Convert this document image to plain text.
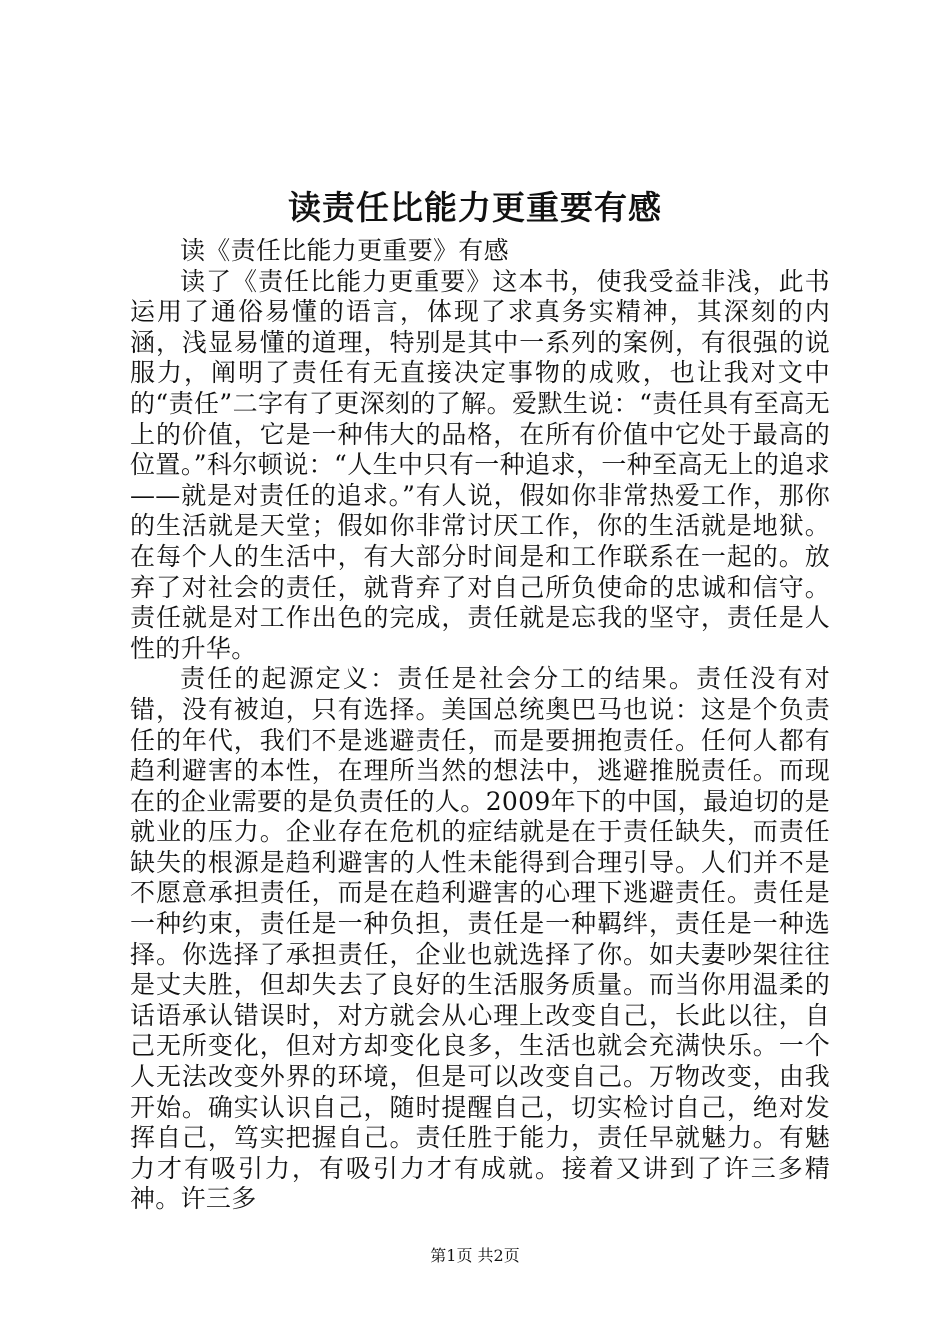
读责任比能力更重要有感

读《责任比能力更重要》有感

读了《责任比能力更重要》这本书，使我受益非浅，此书运用了通俗易懂的语言，体现了求真务实精神，其深刻的内涵，浅显易懂的道理，特别是其中一系列的案例，有很强的说服力，阐明了责任有无直接决定事物的成败，也让我对文中的“责任”二字有了更深刻的了解。爱默生说：“责任具有至高无上的价值，它是一种伟大的品格，在所有价值中它处于最高的位置。”科尔顿说：“人生中只有一种追求，一种至高无上的追求——就是对责任的追求。”有人说，假如你非常热爱工作，那你的生活就是天堂；假如你非常讨厌工作，你的生活就是地狱。在每个人的生活中，有大部分时间是和工作联系在一起的。放弃了对社会的责任，就背弃了对自己所负使命的忠诚和信守。责任就是对工作出色的完成，责任就是忘我的坚守，责任是人性的升华。

责任的起源定义：责任是社会分工的结果。责任没有对错，没有被迫，只有选择。美国总统奥巴马也说：这是个负责任的年代，我们不是逃避责任，而是要拥抱责任。任何人都有趋利避害的本性，在理所当然的想法中，逃避推脱责任。而现在的企业需要的是负责任的人。2009年下的中国，最迫切的是就业的压力。企业存在危机的症结就是在于责任缺失，而责任缺失的根源是趋利避害的人性未能得到合理引导。人们并不是不愿意承担责任，而是在趋利避害的心理下逃避责任。责任是一种约束，责任是一种负担，责任是一种羁绊，责任是一种选择。你选择了承担责任，企业也就选择了你。如夫妻吵架往往是丈夫胜，但却失去了良好的生活服务质量。而当你用温柔的话语承认错误时，对方就会从心理上改变自己，长此以往，自己无所变化，但对方却变化良多，生活也就会充满快乐。一个人无法改变外界的环境，但是可以改变自己。万物改变，由我开始。确实认识自己，随时提醒自己，切实检讨自己，绝对发挥自己，笃实把握自己。责任胜于能力，责任早就魅力。有魅力才有吸引力，有吸引力才有成就。接着又讲到了许三多精神。许三多

第1页 共2页
